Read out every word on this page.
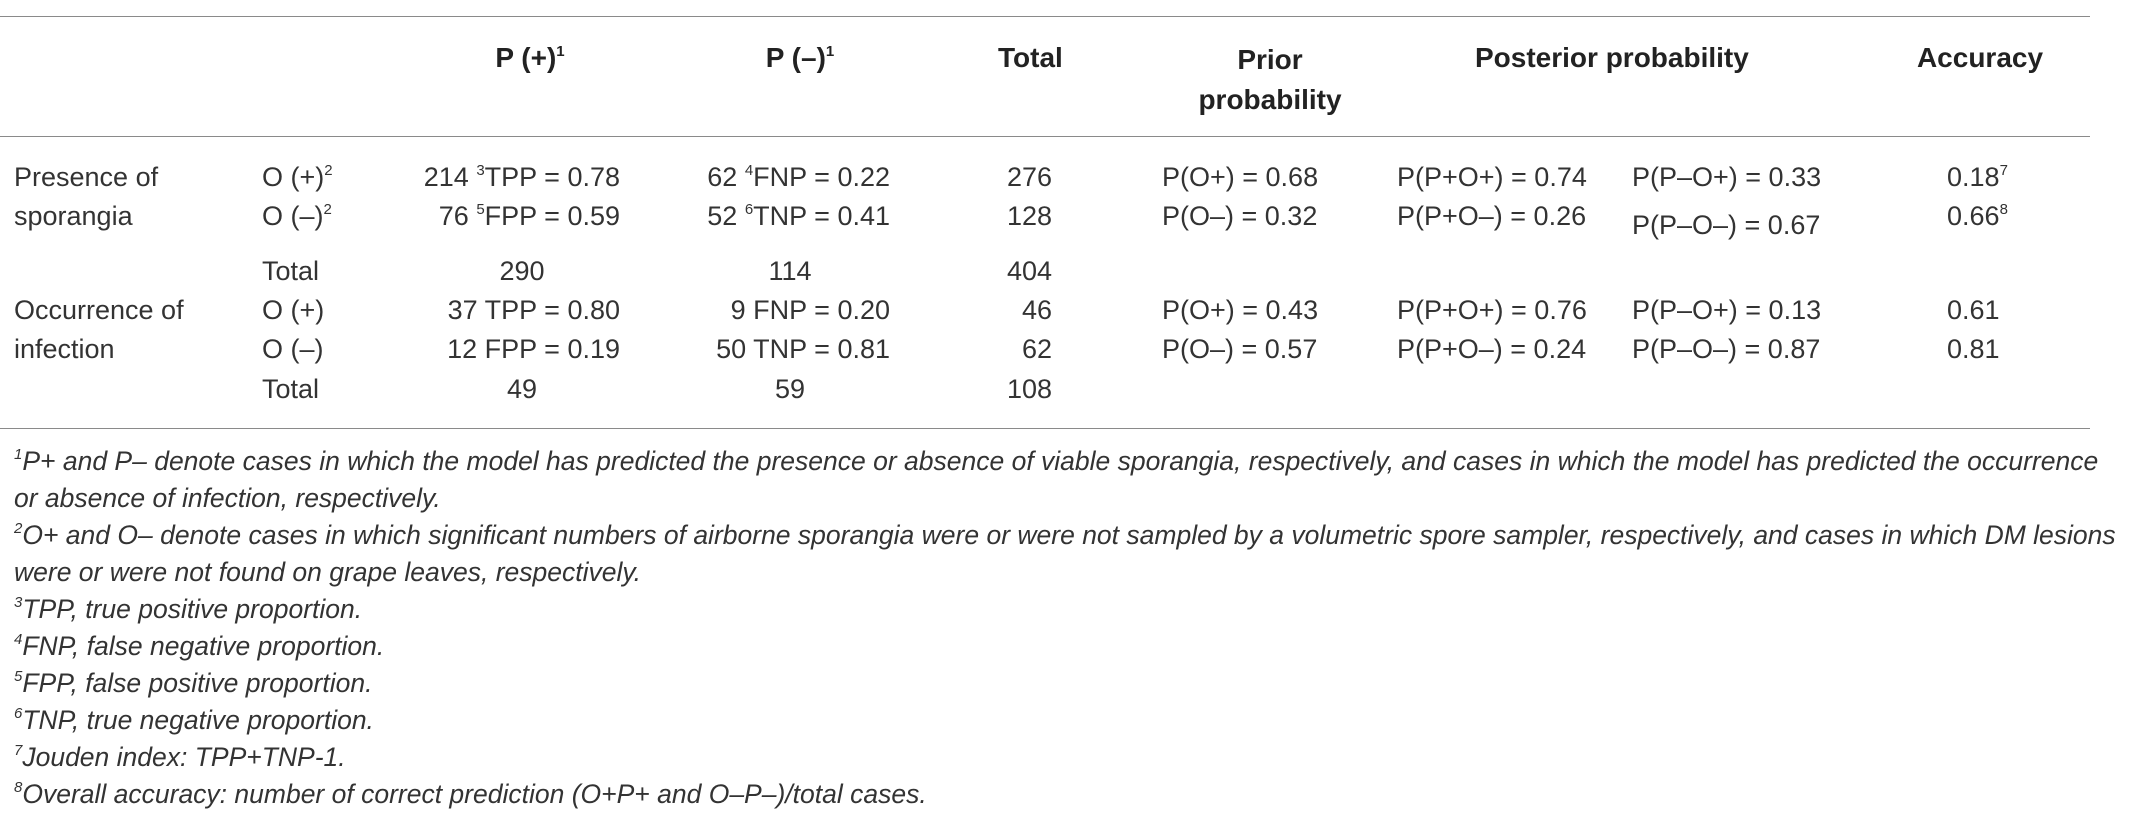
P $(+)^1$	P $(-)^1$	Total	Prior
probability
Posterior probability	Accuracy
Presence of
sporangia
O $(+)^2$	214 $^3$TPP = 0.78	62 $^4$FNP = 0.22	276	P(O+) = 0.68	P(P+O+) = 0.74 P(P–O+) = 0.33	0.18$^7$
O $(-)^2$	76 $^5$FPP = 0.59	52 $^6$TNP = 0.41	128	P(O–) = 0.32	P(P+O–) = 0.26 P(P–O–) = 0.67	0.66$^8$
Total	290	114	404
Occurrence of
infection
O (+)	37 TPP = 0.80	9 FNP = 0.20	46	P(O+) = 0.43	P(P+O+) = 0.76 P(P–O+) = 0.13	0.61
O (–)	12 FPP = 0.19	50 TNP = 0.81	62	P(O–) = 0.57	P(P+O–) = 0.24 P(P–O–) = 0.87	0.81
Total	49	59	108
$^1$P+ and P– denote cases in which the model has predicted the presence or absence of viable sporangia, respectively, and cases in which the model has predicted the occurrence
or absence of infection, respectively.
$^2$O+ and O– denote cases in which significant numbers of airborne sporangia were or were not sampled by a volumetric spore sampler, respectively, and cases in which DM lesions
were or were not found on grape leaves, respectively.
$^3$TPP, true positive proportion.
$^4$FNP, false negative proportion.
$^5$FPP, false positive proportion.
$^6$TNP, true negative proportion.
$^7$Jouden index: TPP+TNP-1.
$^8$Overall accuracy: number of correct prediction (O+P+ and O–P–)/total cases.
